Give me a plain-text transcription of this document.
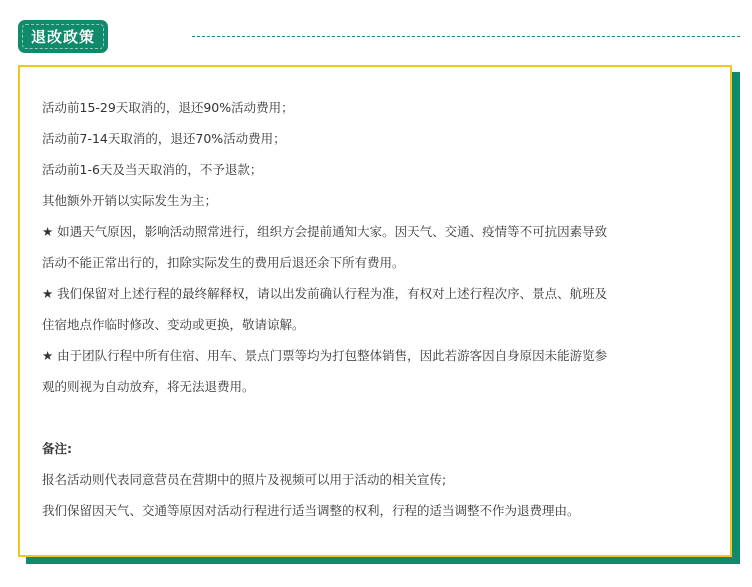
退改政策

活动前15-29天取消的，退还90%活动费用；

活动前7-14天取消的，退还70%活动费用；

活动前1-6天及当天取消的，不予退款；

其他额外开销以实际发生为主；

★ 如遇天气原因，影响活动照常进行，组织方会提前通知大家。因天气、交通、疫情等不可抗因素导致

活动不能正常出行的，扣除实际发生的费用后退还余下所有费用。

★ 我们保留对上述行程的最终解释权，请以出发前确认行程为准，有权对上述行程次序、景点、航班及

住宿地点作临时修改、变动或更换，敬请谅解。

★ 由于团队行程中所有住宿、用车、景点门票等均为打包整体销售，因此若游客因自身原因未能游览参

观的则视为自动放弃，将无法退费用。

备注:

报名活动则代表同意营员在营期中的照片及视频可以用于活动的相关宣传;

我们保留因天气、交通等原因对活动行程进行适当调整的权利，行程的适当调整不作为退费理由。
